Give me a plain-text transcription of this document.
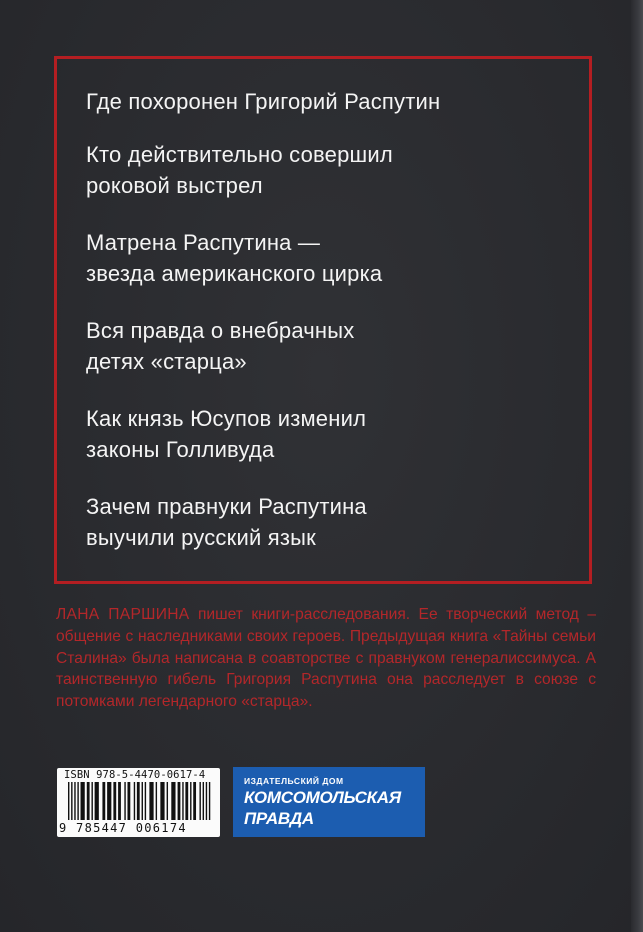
Где похоронен Григорий Распутин
Кто действительно совершил
роковой выстрел
Матрена Распутина —
звезда американского цирка
Вся правда о внебрачных
детях «старца»
Как князь Юсупов изменил
законы Голливуда
Зачем правнуки Распутина
выучили русский язык

ЛАНА ПАРШИНА пишет книги-расследования. Ее творческий метод – общение с наследниками своих героев. Предыдущая книга «Тайны семьи Сталина» была написана в соавторстве с правнуком генералиссимуса. А таинственную гибель Григория Распутина она расследует в союзе с потомками легендарного «старца».

ISBN 978-5-4470-0617-4
9 785447 006174
ИЗДАТЕЛЬСКИЙ ДОМ
КОМСОМОЛЬСКАЯ
ПРАВДА
